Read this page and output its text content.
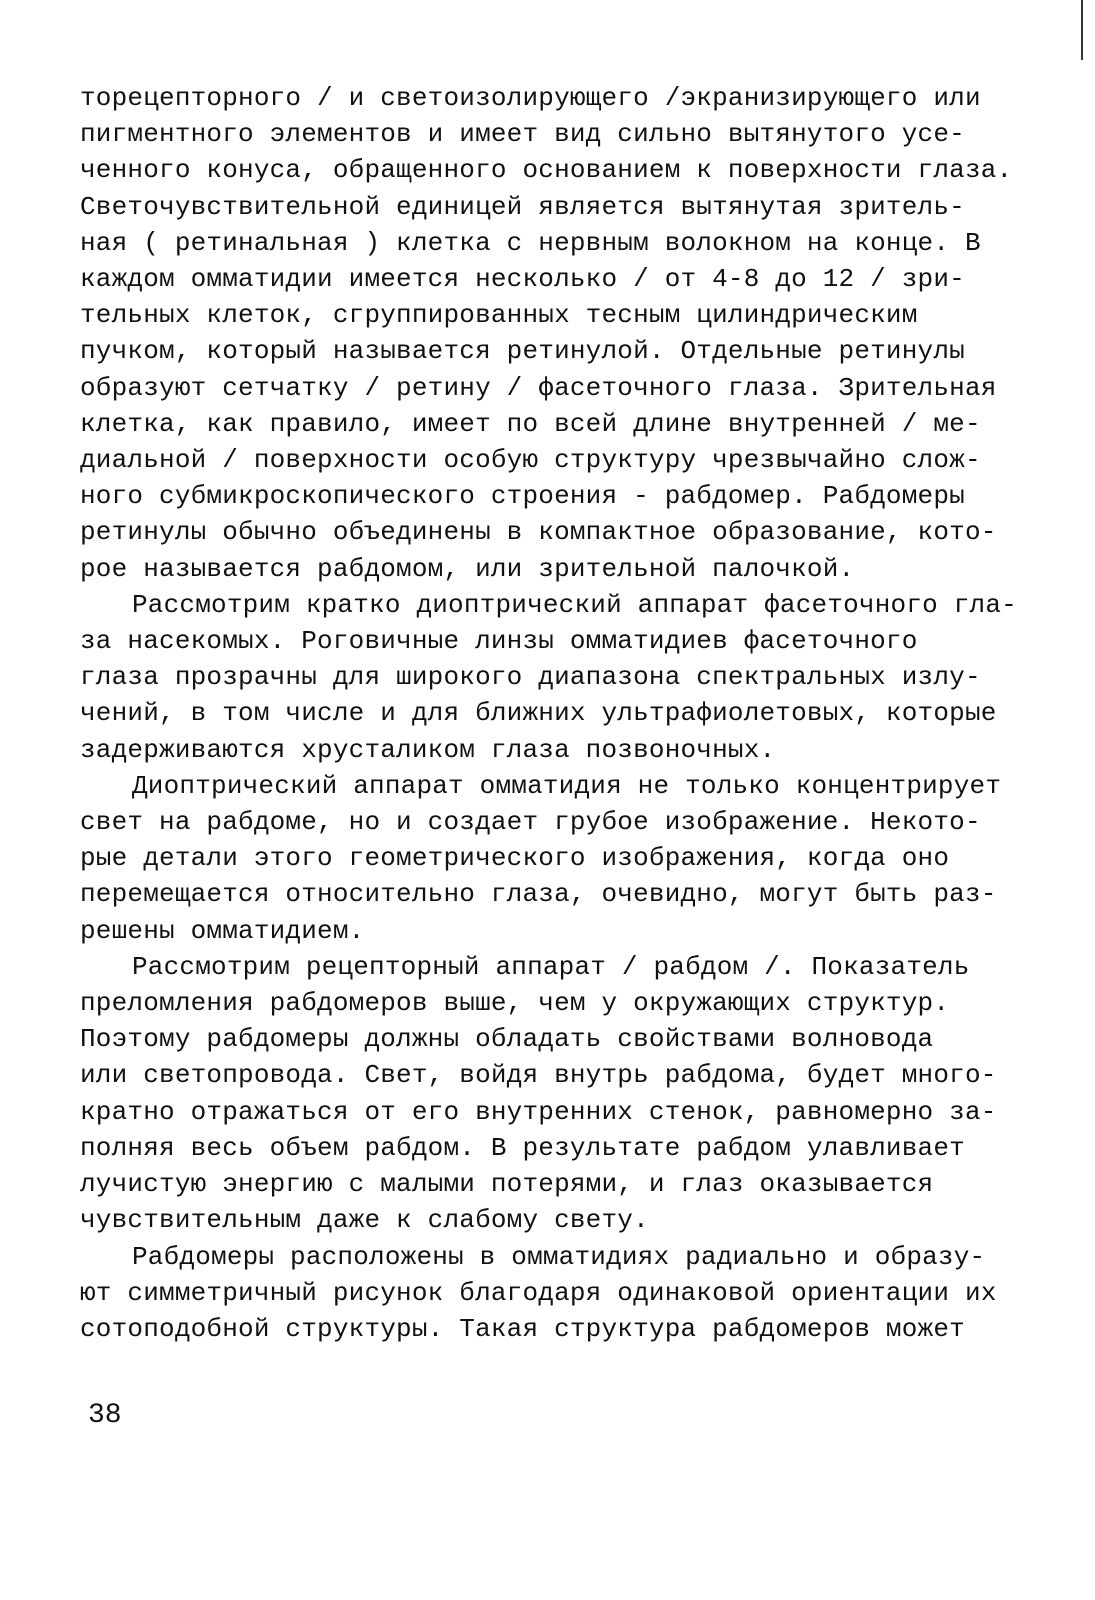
торецепторного / и светоизолирующего /экранизирующего или
пигментного элементов и имеет вид сильно вытянутого усе-
ченного конуса, обращенного основанием к поверхности глаза.
Светочувствительной единицей является вытянутая зритель-
ная ( ретинальная ) клетка с нервным волокном на конце. В
каждом омматидии имеется несколько / от 4-8 до 12 / зри-
тельных клеток, сгруппированных тесным цилиндрическим
пучком, который называется ретинулой. Отдельные ретинулы
образуют сетчатку / ретину / фасеточного глаза. Зрительная
клетка, как правило, имеет по всей длине внутренней / ме-
диальной / поверхности особую структуру чрезвычайно слож-
ного субмикроскопического строения - рабдомер. Рабдомеры
ретинулы обычно объединены в компактное образование, кото-
рое называется рабдомом, или зрительной палочкой.
Рассмотрим кратко диоптрический аппарат фасеточного гла-
за насекомых. Роговичные линзы омматидиев фасеточного
глаза прозрачны для широкого диапазона спектральных излу-
чений, в том числе и для ближних ультрафиолетовых, которые
задерживаются хрусталиком глаза позвоночных.
Диоптрический аппарат омматидия не только концентрирует
свет на рабдоме, но и создает грубое изображение. Некото-
рые детали этого геометрического изображения, когда оно
перемещается относительно глаза, очевидно, могут быть раз-
решены омматидием.
Рассмотрим рецепторный аппарат / рабдом /. Показатель
преломления рабдомеров выше, чем у окружающих структур.
Поэтому рабдомеры должны обладать свойствами волновода
или светопровода. Свет, войдя внутрь рабдома, будет много-
кратно отражаться от его внутренних стенок, равномерно за-
полняя весь объем рабдом. В результате рабдом улавливает
лучистую энергию с малыми потерями, и глаз оказывается
чувствительным даже к слабому свету.
Рабдомеры расположены в омматидиях радиально и образу-
ют симметричный рисунок благодаря одинаковой ориентации их
сотоподобной структуры. Такая структура рабдомеров может
38
